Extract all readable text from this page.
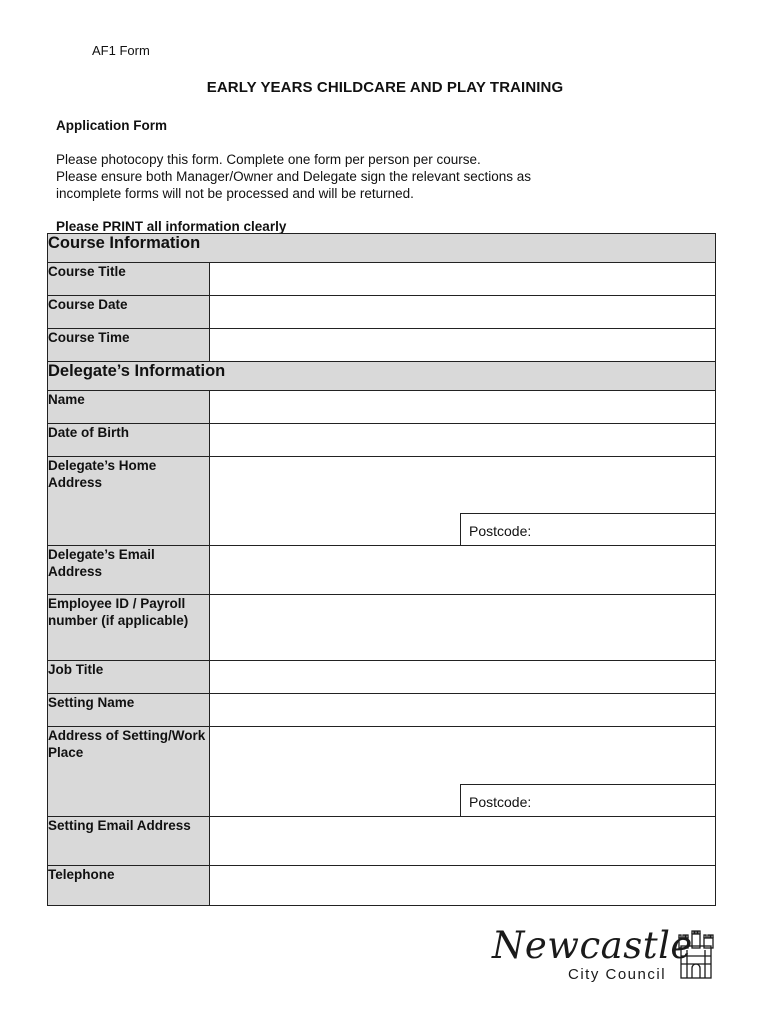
AF1 Form
EARLY YEARS CHILDCARE AND PLAY TRAINING
Application Form
Please photocopy this form. Complete one form per person per course.
Please ensure both Manager/Owner and Delegate sign the relevant sections as
incomplete forms will not be processed and will be returned.
Please PRINT all information clearly
Course Information	
Course Title	
Course Date	
Course Time	
Delegate’s Information	
Name	
Date of Birth	
Delegate’s Home Address	Postcode:

Delegate’s Email Address	
Employee ID / Payroll number (if applicable)	
Job Title	
Setting Name	
Address of Setting/Work Place	Postcode:

Setting Email Address	
Telephone	
Newcastle
City Council
